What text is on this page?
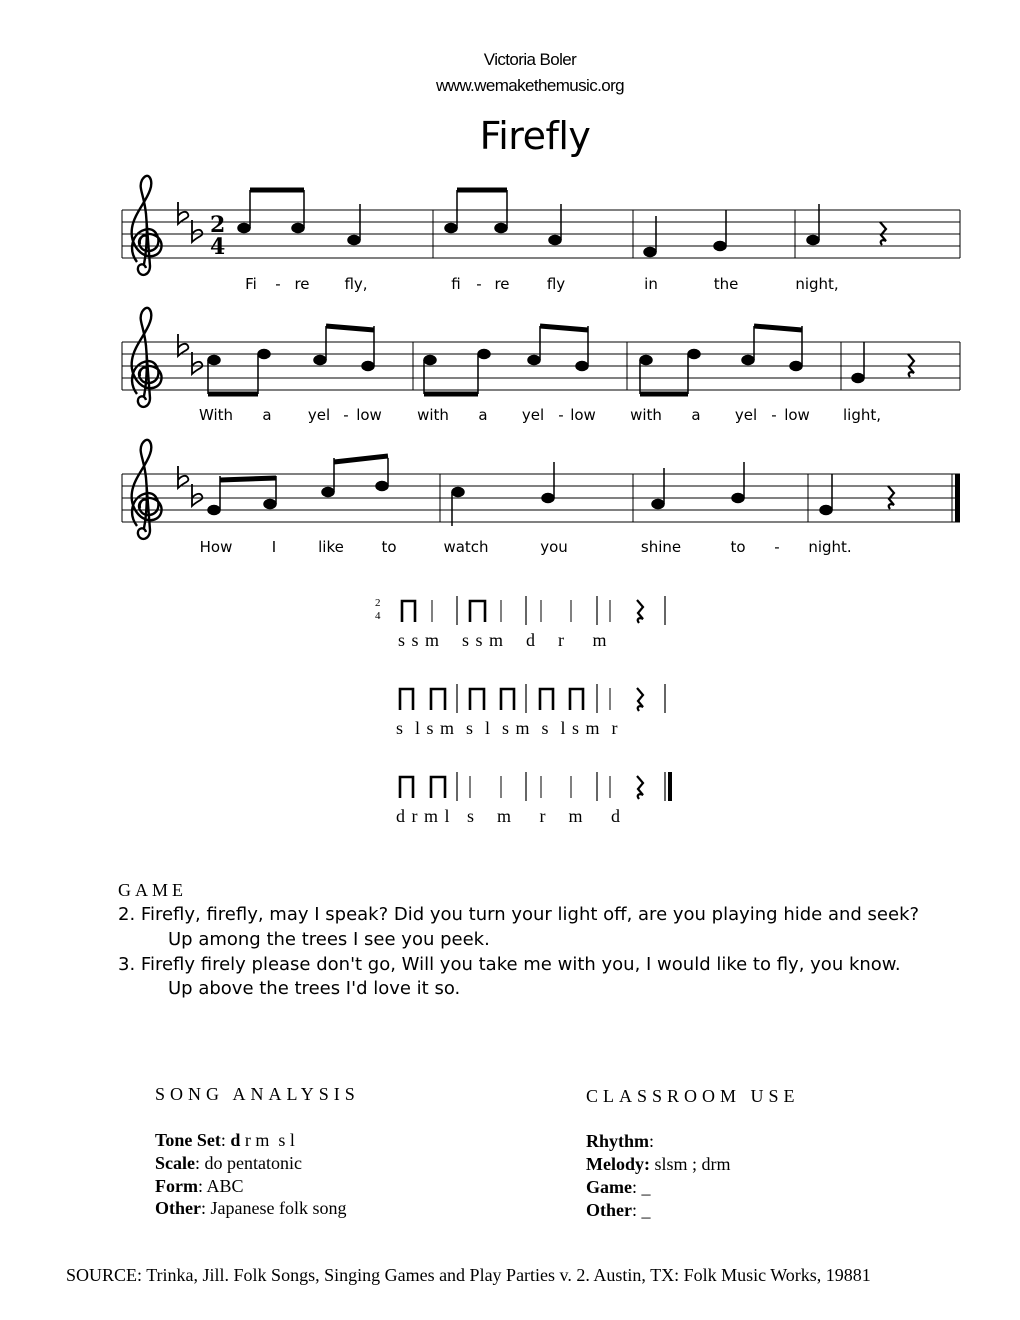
Victoria Boler
www.wemakethemusic.org
Firefly
2
4
2
4
Fi - re fly,	fi - re fly	in	the	night,
With a yel - low with a yel - low with a yel - low light,
How	I	like	to	watch	you	shine	to - night.
s s m    s s m    d    r     m
s  l s m  s  l  s m  s  l s m  r
d r m l   s    m     r    m     d
GAME
2. Firefly, firefly, may I speak? Did you turn your light off, are you playing hide and seek?
Up among the trees I see you peek.
3. Firefly firely please don't go, Will you take me with you, I would like to fly, you know.
Up above the trees I'd love it so.
SONG ANALYSIS
Tone Set: d r m  s l
Scale: do pentatonic
Form: ABC
Other: Japanese folk song
CLASSROOM USE
Rhythm:
Melody: slsm ; drm
Game: _
Other: _
SOURCE: Trinka, Jill. Folk Songs, Singing Games and Play Parties v. 2. Austin, TX: Folk Music Works, 19881
